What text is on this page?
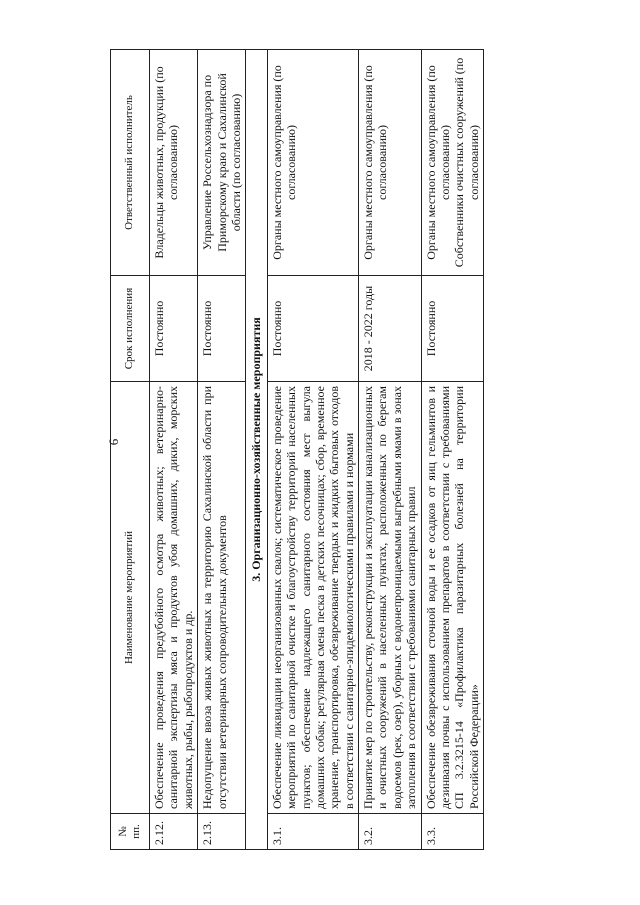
6
№ пп.	Наименование мероприятий	Срок исполнения	Ответственный исполнитель
2.12.	Обеспечение проведения предубойного осмотра животных; ветеринарно-санитарной экспертизы мяса и продуктов убоя домашних, диких, морских животных, рыбы, рыбопродуктов и др.	Постоянно	Владельцы животных, продукции (по согласованию)
2.13.	Недопущение ввоза живых животных на территорию Сахалинской области при отсутствии ветеринарных сопроводительных документов	Постоянно	Управление Россельхознадзора по Приморскому краю и Сахалинской области (по согласованию)
3. Организационно-хозяйственные мероприятия			
3.1.	Обеспечение ликвидации неорганизованных свалок; систематическое проведение мероприятий по санитарной очистке и благоустройству территорий населенных пунктов; обеспечение надлежащего санитарного состояния мест выгула домашних собак; регулярная смена песка в детских песочницах; сбор, временное хранение, транспортировка, обезвреживание твердых и жидких бытовых отходов в соответствии с санитарно-эпидемиологическими правилами и нормами	Постоянно	Органы местного самоуправления (по согласованию)
3.2.	Принятие мер по строительству, реконструкции и эксплуатации канализационных и очистных сооружений в населенных пунктах, расположенных по берегам водоемов (рек, озер), уборных с водонепроницаемыми выгребными ямами в зонах затопления в соответствии с требованиями санитарных правил	2018 - 2022 годы	Органы местного самоуправления (по согласованию)
3.3.	Обеспечение обезвреживания сточной воды и ее осадков от яиц гельминтов и дезинвазия почвы с использованием препаратов в соответствии с требованиями СП 3.2.3215-14 «Профилактика паразитарных болезней на территории Российской Федерации»	Постоянно	Органы местного самоуправления (по согласованию) Собственники очистных сооружений (по согласованию)
